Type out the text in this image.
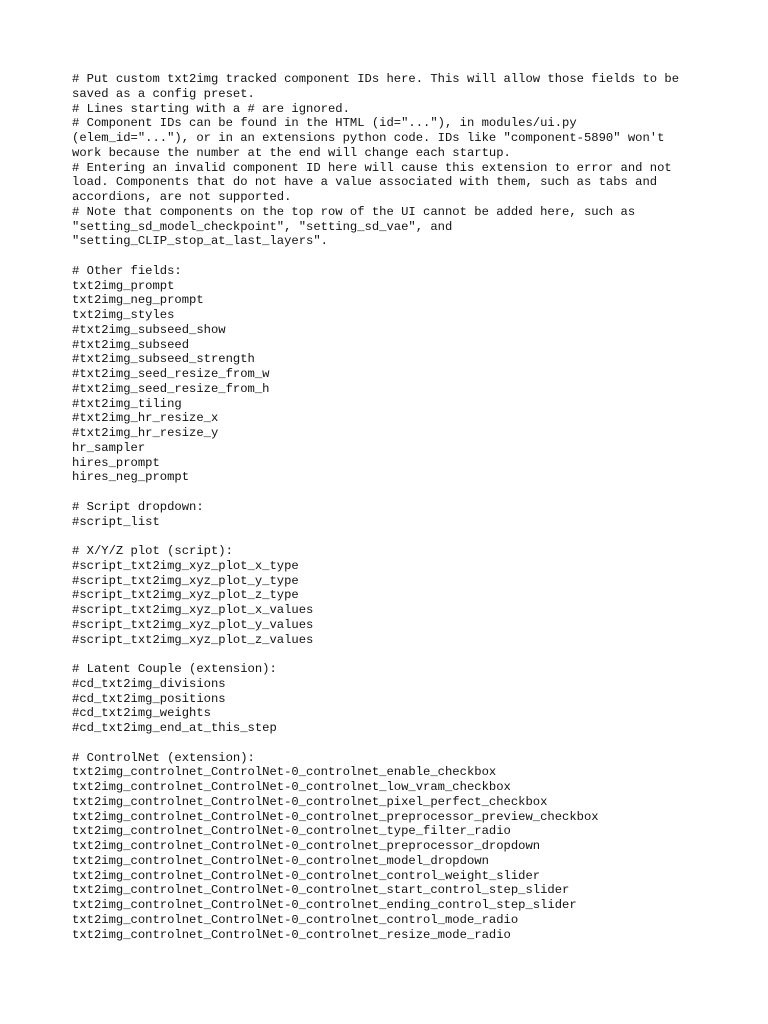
# Put custom txt2img tracked component IDs here. This will allow those fields to be
saved as a config preset.
# Lines starting with a # are ignored.
# Component IDs can be found in the HTML (id="..."), in modules/ui.py
(elem_id="..."), or in an extensions python code. IDs like "component-5890" won't
work because the number at the end will change each startup.
# Entering an invalid component ID here will cause this extension to error and not
load. Components that do not have a value associated with them, such as tabs and
accordions, are not supported.
# Note that components on the top row of the UI cannot be added here, such as
"setting_sd_model_checkpoint", "setting_sd_vae", and
"setting_CLIP_stop_at_last_layers".
# Other fields:
txt2img_prompt
txt2img_neg_prompt
txt2img_styles
#txt2img_subseed_show
#txt2img_subseed
#txt2img_subseed_strength
#txt2img_seed_resize_from_w
#txt2img_seed_resize_from_h
#txt2img_tiling
#txt2img_hr_resize_x
#txt2img_hr_resize_y
hr_sampler
hires_prompt
hires_neg_prompt
# Script dropdown:
#script_list
# X/Y/Z plot (script):
#script_txt2img_xyz_plot_x_type
#script_txt2img_xyz_plot_y_type
#script_txt2img_xyz_plot_z_type
#script_txt2img_xyz_plot_x_values
#script_txt2img_xyz_plot_y_values
#script_txt2img_xyz_plot_z_values
# Latent Couple (extension):
#cd_txt2img_divisions
#cd_txt2img_positions
#cd_txt2img_weights
#cd_txt2img_end_at_this_step
# ControlNet (extension):
txt2img_controlnet_ControlNet-0_controlnet_enable_checkbox
txt2img_controlnet_ControlNet-0_controlnet_low_vram_checkbox
txt2img_controlnet_ControlNet-0_controlnet_pixel_perfect_checkbox
txt2img_controlnet_ControlNet-0_controlnet_preprocessor_preview_checkbox
txt2img_controlnet_ControlNet-0_controlnet_type_filter_radio
txt2img_controlnet_ControlNet-0_controlnet_preprocessor_dropdown
txt2img_controlnet_ControlNet-0_controlnet_model_dropdown
txt2img_controlnet_ControlNet-0_controlnet_control_weight_slider
txt2img_controlnet_ControlNet-0_controlnet_start_control_step_slider
txt2img_controlnet_ControlNet-0_controlnet_ending_control_step_slider
txt2img_controlnet_ControlNet-0_controlnet_control_mode_radio
txt2img_controlnet_ControlNet-0_controlnet_resize_mode_radio
